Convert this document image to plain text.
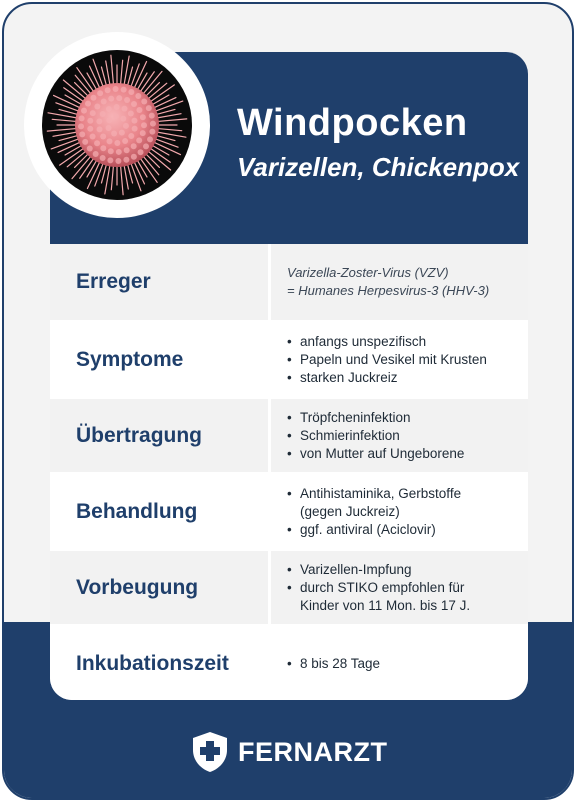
Windpocken
Varizellen, Chickenpox
Erreger	Varizella-Zoster-Virus (VZV)
= Humanes Herpesvirus-3 (HHV-3)
Symptome
• anfangs unspezifisch
• Papeln und Vesikel mit Krusten
• starken Juckreiz
Übertragung
• Tröpfcheninfektion
• Schmierinfektion
• von Mutter auf Ungeborene
Behandlung
• Antihistaminika, Gerbstoffe (gegen Juckreiz)
• ggf. antiviral (Aciclovir)
Vorbeugung
• Varizellen-Impfung
• durch STIKO empfohlen für Kinder von 11 Mon. bis 17 J.
Inkubationszeit
•	8 bis 28 Tage
FERNARZT
